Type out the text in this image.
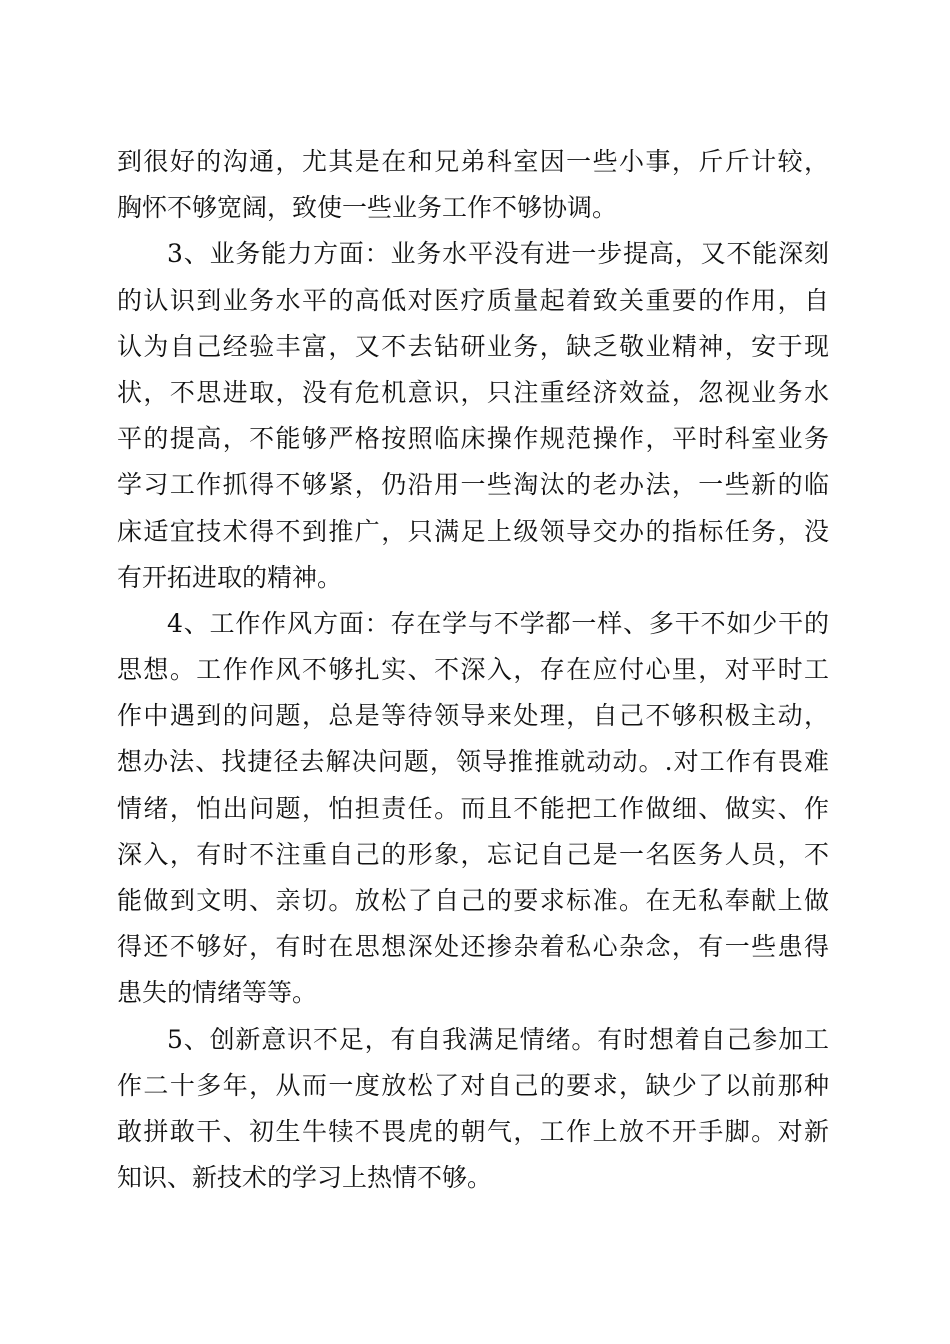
到很好的沟通，尤其是在和兄弟科室因一些小事，斤斤计较，
胸怀不够宽阔，致使一些业务工作不够协调。
3、业务能力方面：业务水平没有进一步提高，又不能深刻
的认识到业务水平的高低对医疗质量起着致关重要的作用，自
认为自己经验丰富，又不去钻研业务，缺乏敬业精神，安于现
状，不思进取，没有危机意识，只注重经济效益，忽视业务水
平的提高，不能够严格按照临床操作规范操作，平时科室业务
学习工作抓得不够紧，仍沿用一些淘汰的老办法，一些新的临
床适宜技术得不到推广，只满足上级领导交办的指标任务，没
有开拓进取的精神。
4、工作作风方面：存在学与不学都一样、多干不如少干的
思想。工作作风不够扎实、不深入，存在应付心里，对平时工
作中遇到的问题，总是等待领导来处理，自己不够积极主动，
想办法、找捷径去解决问题，领导推推就动动。.对工作有畏难
情绪，怕出问题，怕担责任。而且不能把工作做细、做实、作
深入，有时不注重自己的形象，忘记自己是一名医务人员，不
能做到文明、亲切。放松了自己的要求标准。在无私奉献上做
得还不够好，有时在思想深处还掺杂着私心杂念，有一些患得
患失的情绪等等。
5、创新意识不足，有自我满足情绪。有时想着自己参加工
作二十多年，从而一度放松了对自己的要求，缺少了以前那种
敢拼敢干、初生牛犊不畏虎的朝气，工作上放不开手脚。对新
知识、新技术的学习上热情不够。
